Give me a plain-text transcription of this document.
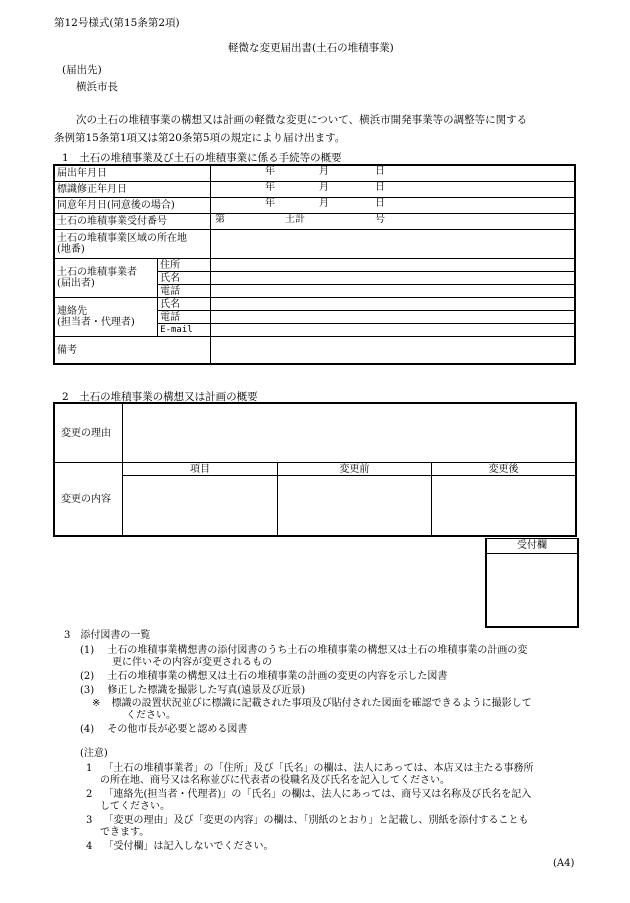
第12号様式(第15条第2項)
軽微な変更届出書(土石の堆積事業)
(届出先)
横浜市長
次の土石の堆積事業の構想又は計画の軽微な変更について、横浜市開発事業等の調整等に関する
条例第15条第1項又は第20条第5項の規定により届け出ます。
1　土石の堆積事業及び土石の堆積事業に係る手続等の概要
届出年月日		年 月 日

標識修正年月日		年 月 日

同意年月日(同意後の場合)		年 月 日

土石の堆積事業受付番号		第 土計 号

土石の堆積事業区域の所在地
(地番)		

土石の堆積事業者
(届出者)	住所	
	氏名	
	電話	

連絡先
(担当者・代理者)	氏名	
	電話	
	E-mail	
備考		
2　土石の堆積事業の構想又は計画の概要
変更の理由			
変更の内容	項目	変更前	変更後

受付欄
3　添付図書の一覧
(1) 土石の堆積事業構想書の添付図書のうち土石の堆積事業の構想又は土石の堆積事業の計画の変
更に伴いその内容が変更されるもの
(2) 土石の堆積事業の構想又は土石の堆積事業の計画の変更の内容を示した図書
(3) 修正した標識を撮影した写真(遠景及び近景)
※ 標識の設置状況並びに標識に記載された事項及び貼付された図面を確認できるように撮影して
ください。
(4) その他市長が必要と認める図書
(注意)
1 「土石の堆積事業者」の「住所」及び「氏名」の欄は、法人にあっては、本店又は主たる事務所
の所在地、商号又は名称並びに代表者の役職名及び氏名を記入してください。
2 「連絡先(担当者・代理者)」の「氏名」の欄は、法人にあっては、商号又は名称及び氏名を記入
してください。
3 「変更の理由」及び「変更の内容」の欄は、「別紙のとおり」と記載し、別紙を添付することも
できます。
4 「受付欄」は記入しないでください。
(A4)
